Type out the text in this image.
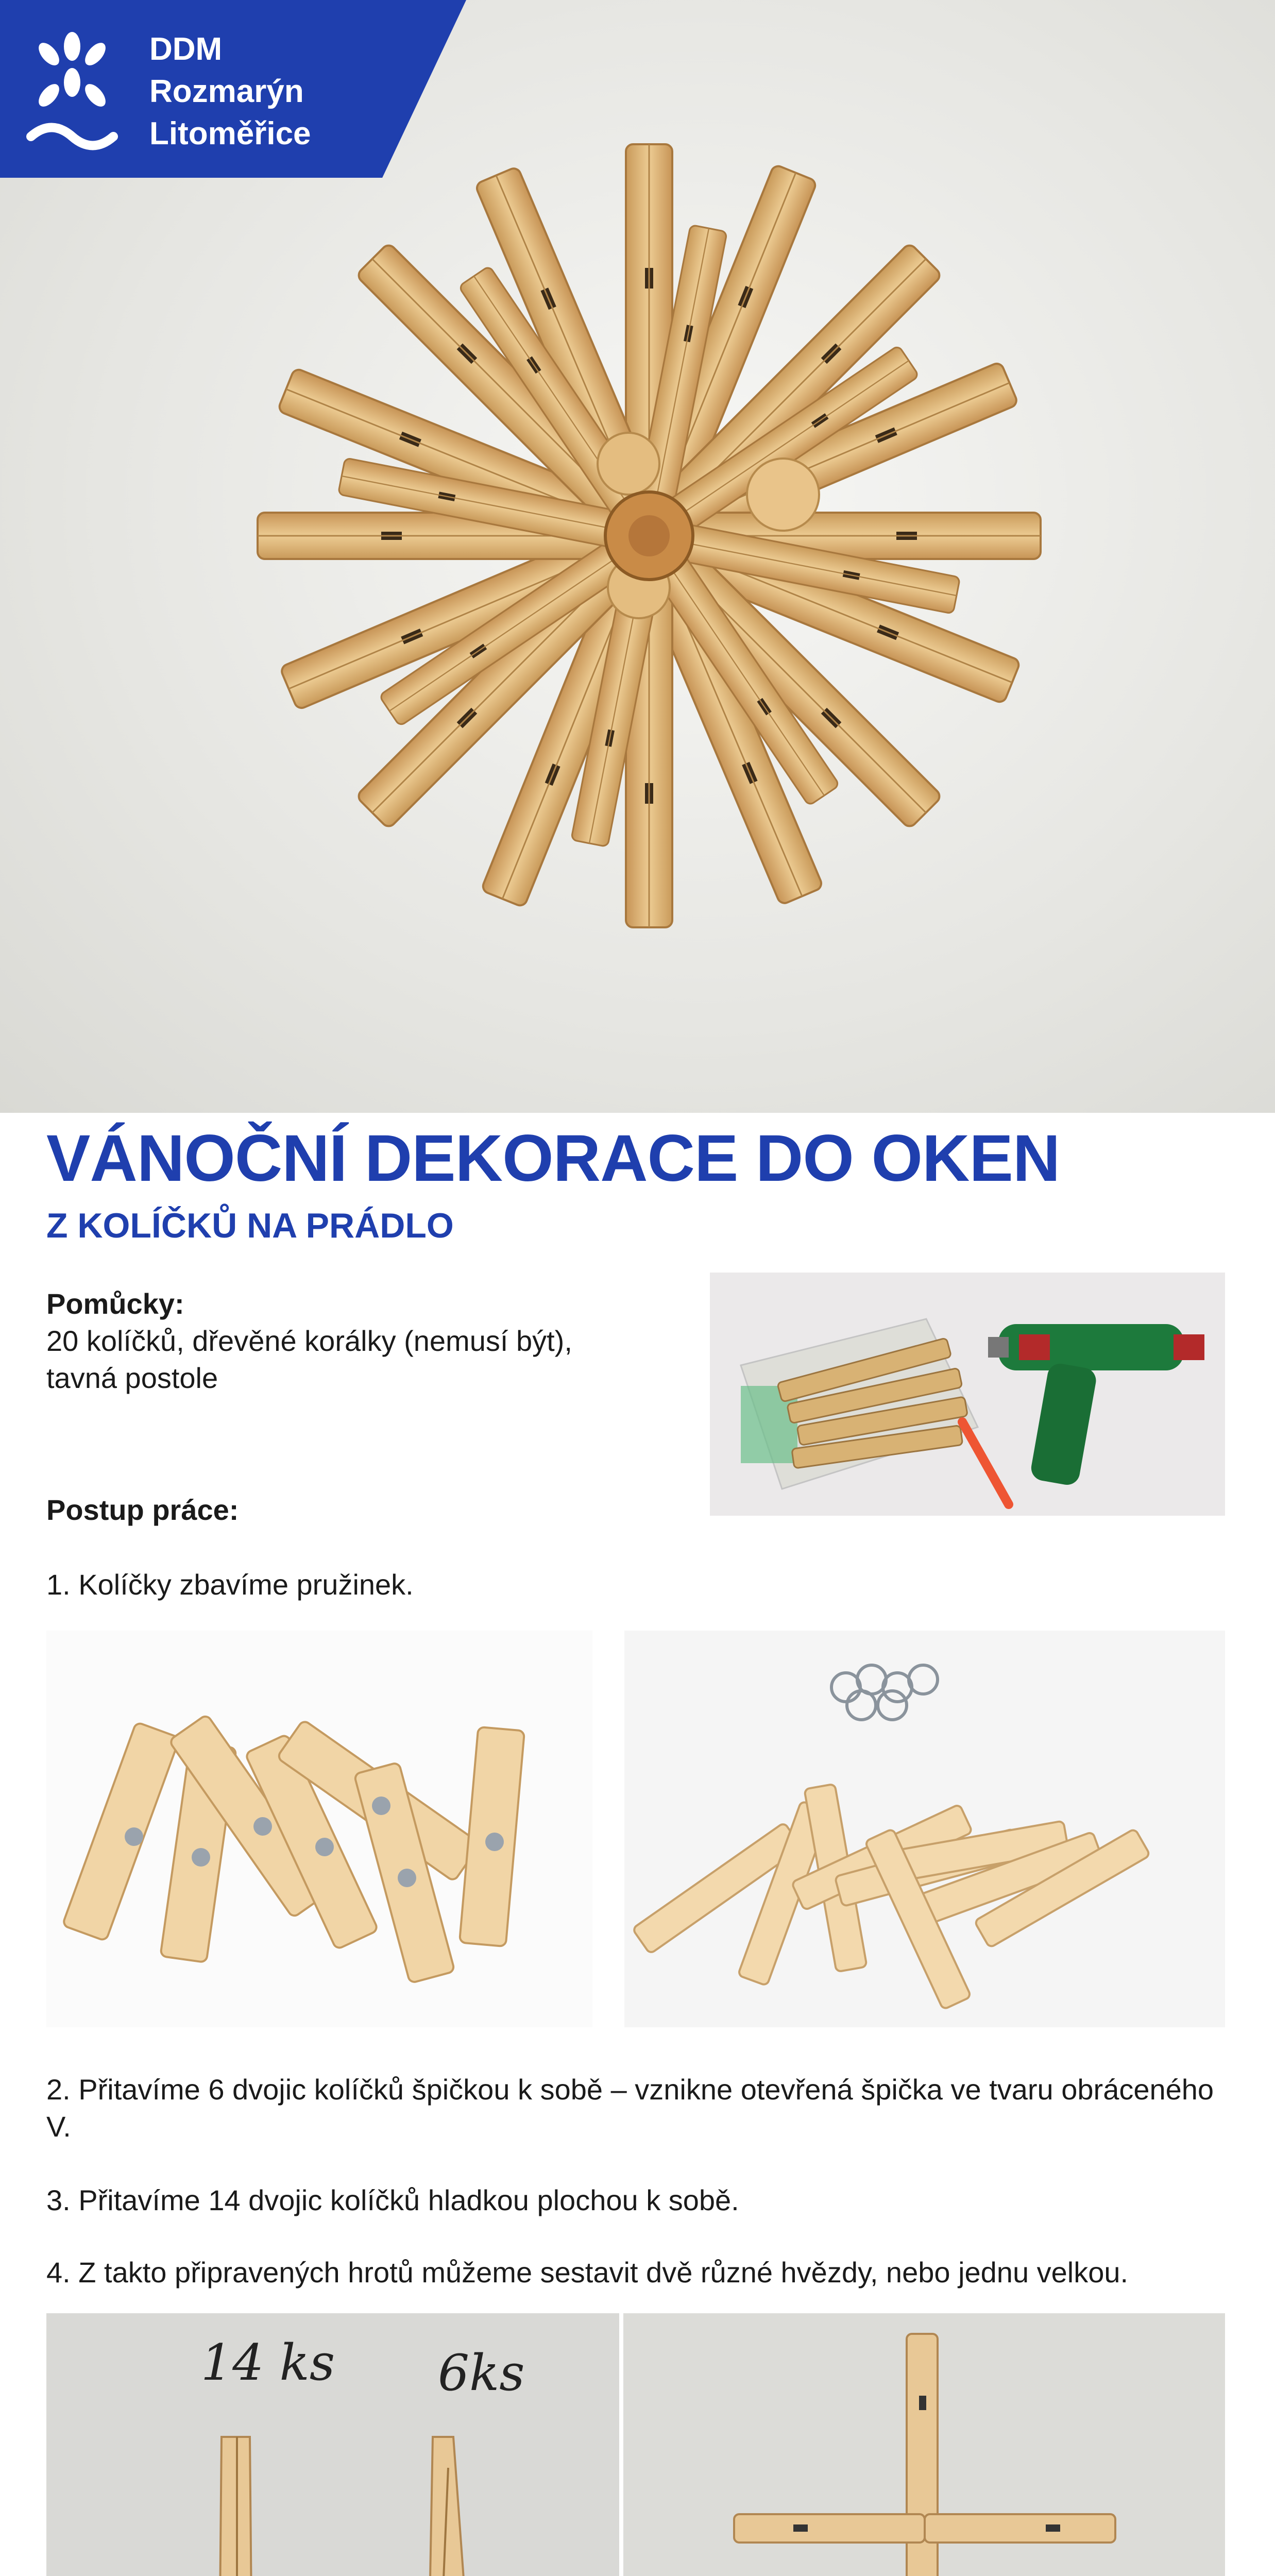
DDM
Rozmarýn
Litoměřice
VÁNOČNÍ DEKORACE DO OKEN
Z KOLÍČKŮ NA PRÁDLO
Pomůcky:
20 kolíčků, dřevěné korálky (nemusí být),
tavná postole
Postup práce:
1. Kolíčky zbavíme pružinek.
2. Přitavíme 6 dvojic kolíčků špičkou k sobě – vznikne otevřená špička ve tvaru obráceného V.
3. Přitavíme 14 dvojic kolíčků hladkou plochou k sobě.
4. Z takto připravených hrotů můžeme sestavit dvě různé hvězdy, nebo jednu velkou.
14 ks 6ks
